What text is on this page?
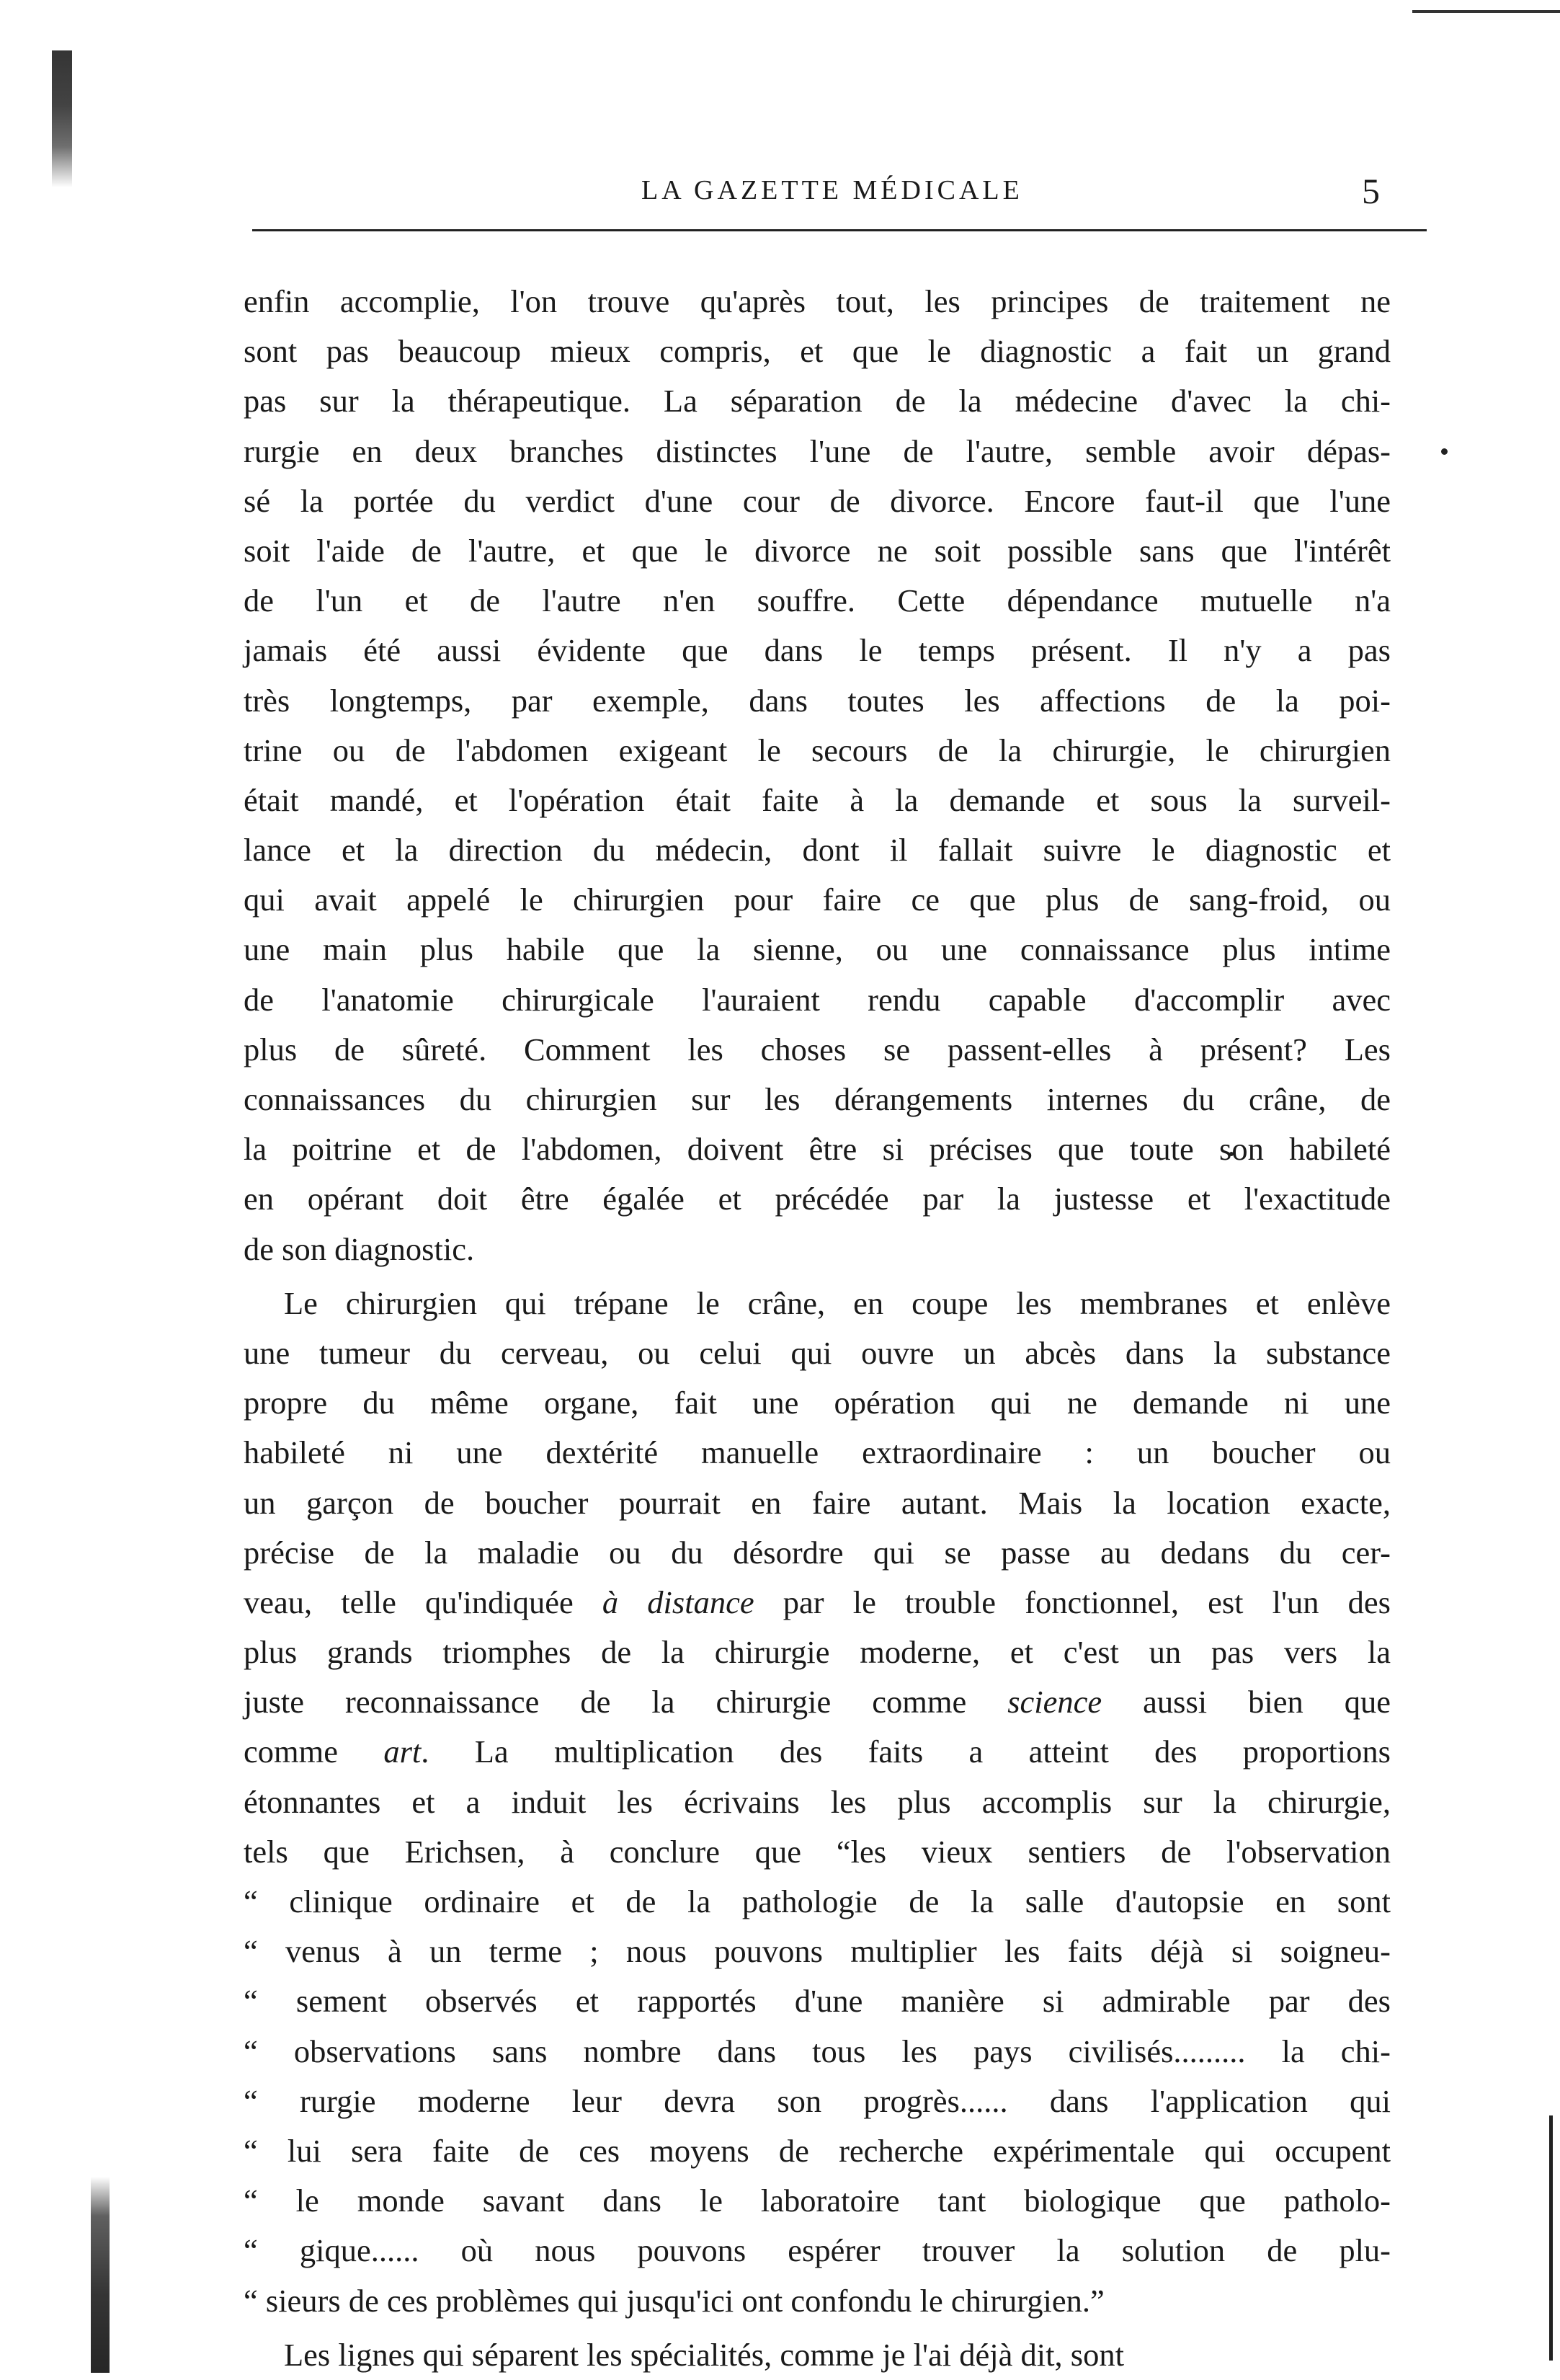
LA GAZETTE MÉDICALE	5
enfin accomplie, l'on trouve qu'après tout, les principes de traitement ne
sont pas beaucoup mieux compris, et que le diagnostic a fait un grand
pas sur la thérapeutique. La séparation de la médecine d'avec la chi-
rurgie en deux branches distinctes l'une de l'autre, semble avoir dépas-
sé la portée du verdict d'une cour de divorce. Encore faut-il que l'une
soit l'aide de l'autre, et que le divorce ne soit possible sans que l'intérêt
de l'un et de l'autre n'en souffre. Cette dépendance mutuelle n'a
jamais été aussi évidente que dans le temps présent. Il n'y a pas
très longtemps, par exemple, dans toutes les affections de la poi-
trine ou de l'abdomen exigeant le secours de la chirurgie, le chirurgien
était mandé, et l'opération était faite à la demande et sous la surveil-
lance et la direction du médecin, dont il fallait suivre le diagnostic et
qui avait appelé le chirurgien pour faire ce que plus de sang-froid, ou
une main plus habile que la sienne, ou une connaissance plus intime
de l'anatomie chirurgicale l'auraient rendu capable d'accomplir avec
plus de sûreté. Comment les choses se passent-elles à présent? Les
connaissances du chirurgien sur les dérangements internes du crâne, de
la poitrine et de l'abdomen, doivent être si précises que toute son habileté
en opérant doit être égalée et précédée par la justesse et l'exactitude
de son diagnostic.
Le chirurgien qui trépane le crâne, en coupe les membranes et enlève
une tumeur du cerveau, ou celui qui ouvre un abcès dans la substance
propre du même organe, fait une opération qui ne demande ni une
habileté ni une dextérité manuelle extraordinaire : un boucher ou
un garçon de boucher pourrait en faire autant. Mais la location exacte,
précise de la maladie ou du désordre qui se passe au dedans du cer-
veau, telle qu'indiquée à distance par le trouble fonctionnel, est l'un des
plus grands triomphes de la chirurgie moderne, et c'est un pas vers la
juste reconnaissance de la chirurgie comme science aussi bien que
comme art. La multiplication des faits a atteint des proportions
étonnantes et a induit les écrivains les plus accomplis sur la chirurgie,
tels que Erichsen, à conclure que “les vieux sentiers de l'observation
“ clinique ordinaire et de la pathologie de la salle d'autopsie en sont
“ venus à un terme ; nous pouvons multiplier les faits déjà si soigneu-
“ sement observés et rapportés d'une manière si admirable par des
“ observations sans nombre dans tous les pays civilisés......... la chi-
“ rurgie moderne leur devra son progrès...... dans l'application qui
“ lui sera faite de ces moyens de recherche expérimentale qui occupent
“ le monde savant dans le laboratoire tant biologique que patholo-
“ gique...... où nous pouvons espérer trouver la solution de plu-
“ sieurs de ces problèmes qui jusqu'ici ont confondu le chirurgien.”
Les lignes qui séparent les spécialités, comme je l'ai déjà dit, sont
